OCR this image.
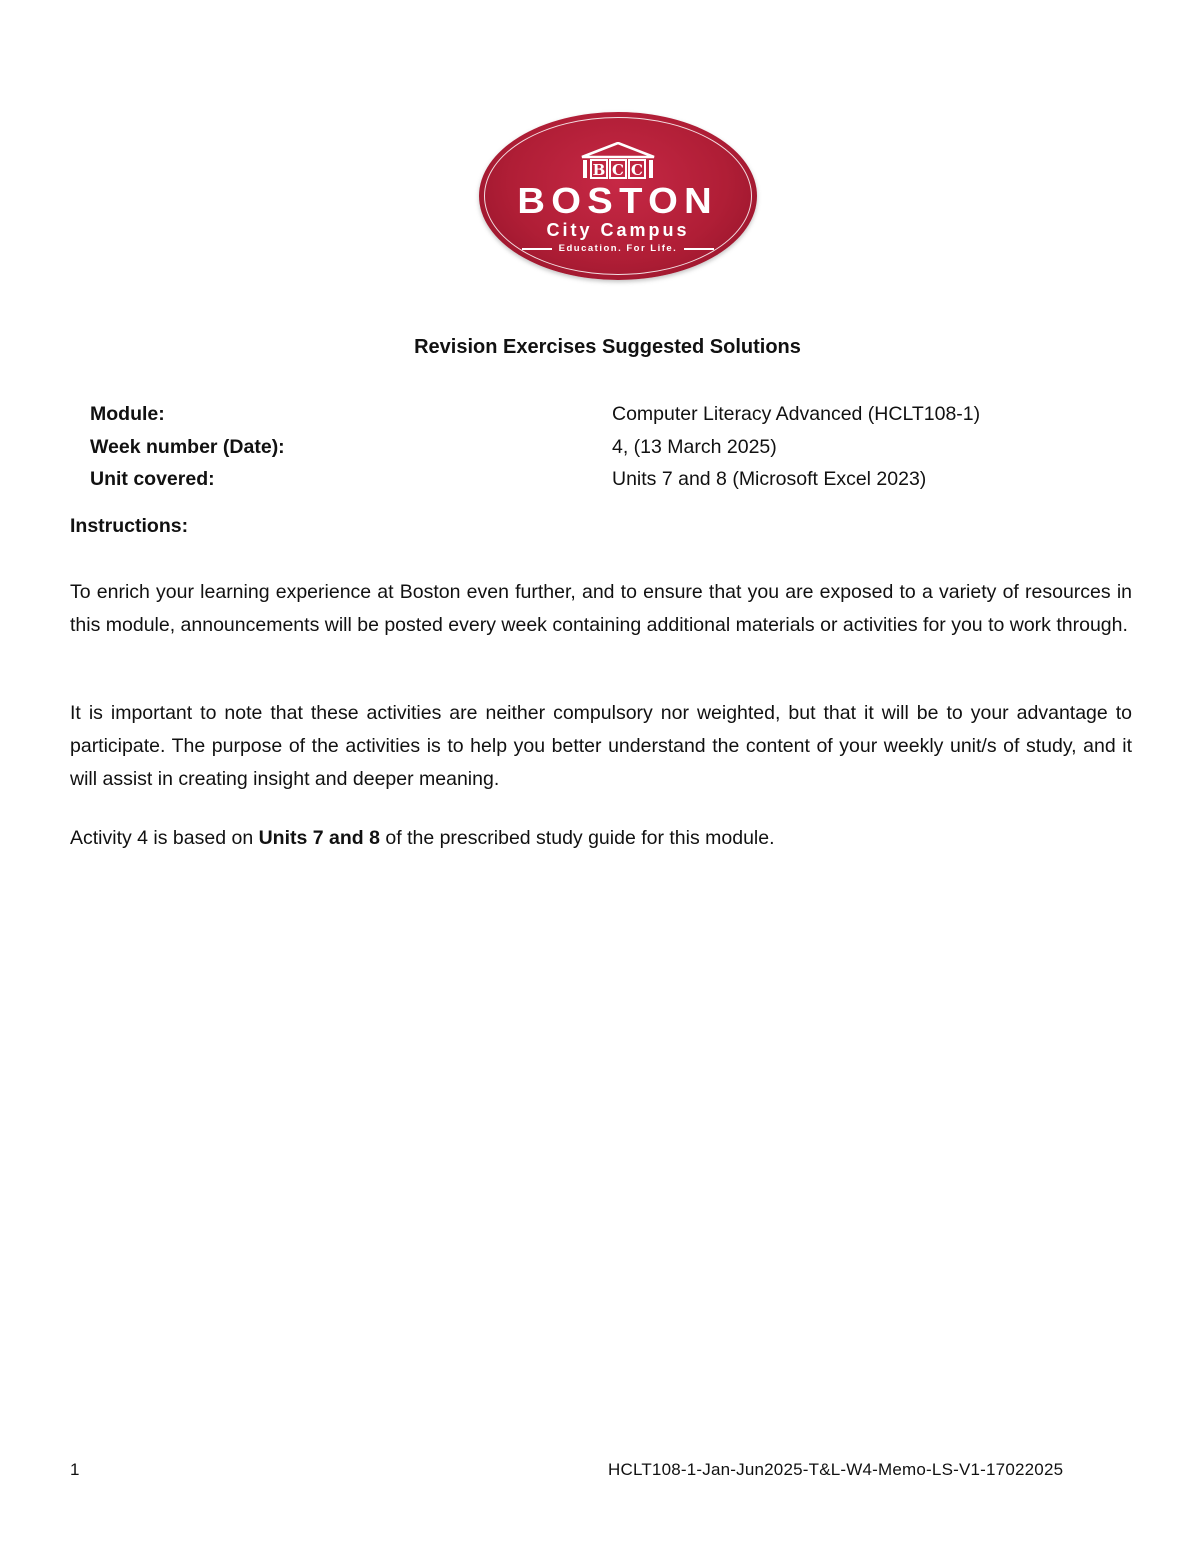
B C C
BOSTON
City Campus
Education. For Life.
Revision Exercises Suggested Solutions
Module:	Computer Literacy Advanced (HCLT108-1)
Week number (Date):	4, (13 March 2025)
Unit covered:	Units 7 and 8 (Microsoft Excel 2023)
Instructions:

To enrich your learning experience at Boston even further, and to ensure that you are exposed to a variety of resources in this module, announcements will be posted every week containing additional materials or activities for you to work through.

It is important to note that these activities are neither compulsory nor weighted, but that it will be to your advantage to participate. The purpose of the activities is to help you better understand the content of your weekly unit/s of study, and it will assist in creating insight and deeper meaning.

Activity 4 is based on Units 7 and 8 of the prescribed study guide for this module.

1	HCLT108-1-Jan-Jun2025-T&L-W4-Memo-LS-V1-17022025
